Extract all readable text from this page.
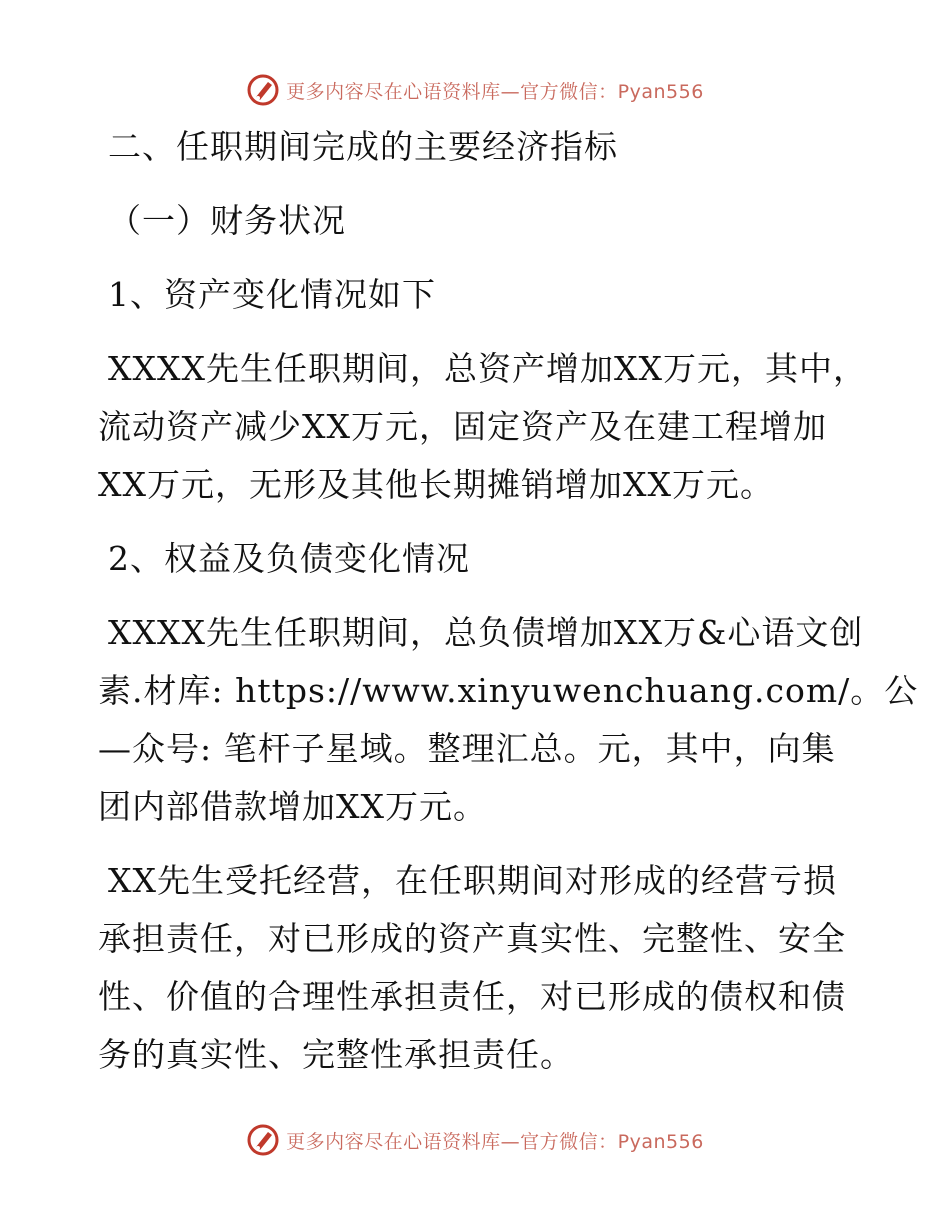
更多内容尽在心语资料库—官方微信：Pyan556

二、任职期间完成的主要经济指标

（一）财务状况

1、资产变化情况如下

XXXX先生任职期间，总资产增加XX万元，其中，

流动资产减少XX万元，固定资产及在建工程增加

XX万元，无形及其他长期摊销增加XX万元。

2、权益及负债变化情况

XXXX先生任职期间，总负债增加XX万&心语文创

素.材库: https://www.xinyuwenchuang.com/。公

—众号: 笔杆子星域。整理汇总。元，其中，向集

团内部借款增加XX万元。

XX先生受托经营，在任职期间对形成的经营亏损

承担责任，对已形成的资产真实性、完整性、安全

性、价值的合理性承担责任，对已形成的债权和债

务的真实性、完整性承担责任。

更多内容尽在心语资料库—官方微信：Pyan556
